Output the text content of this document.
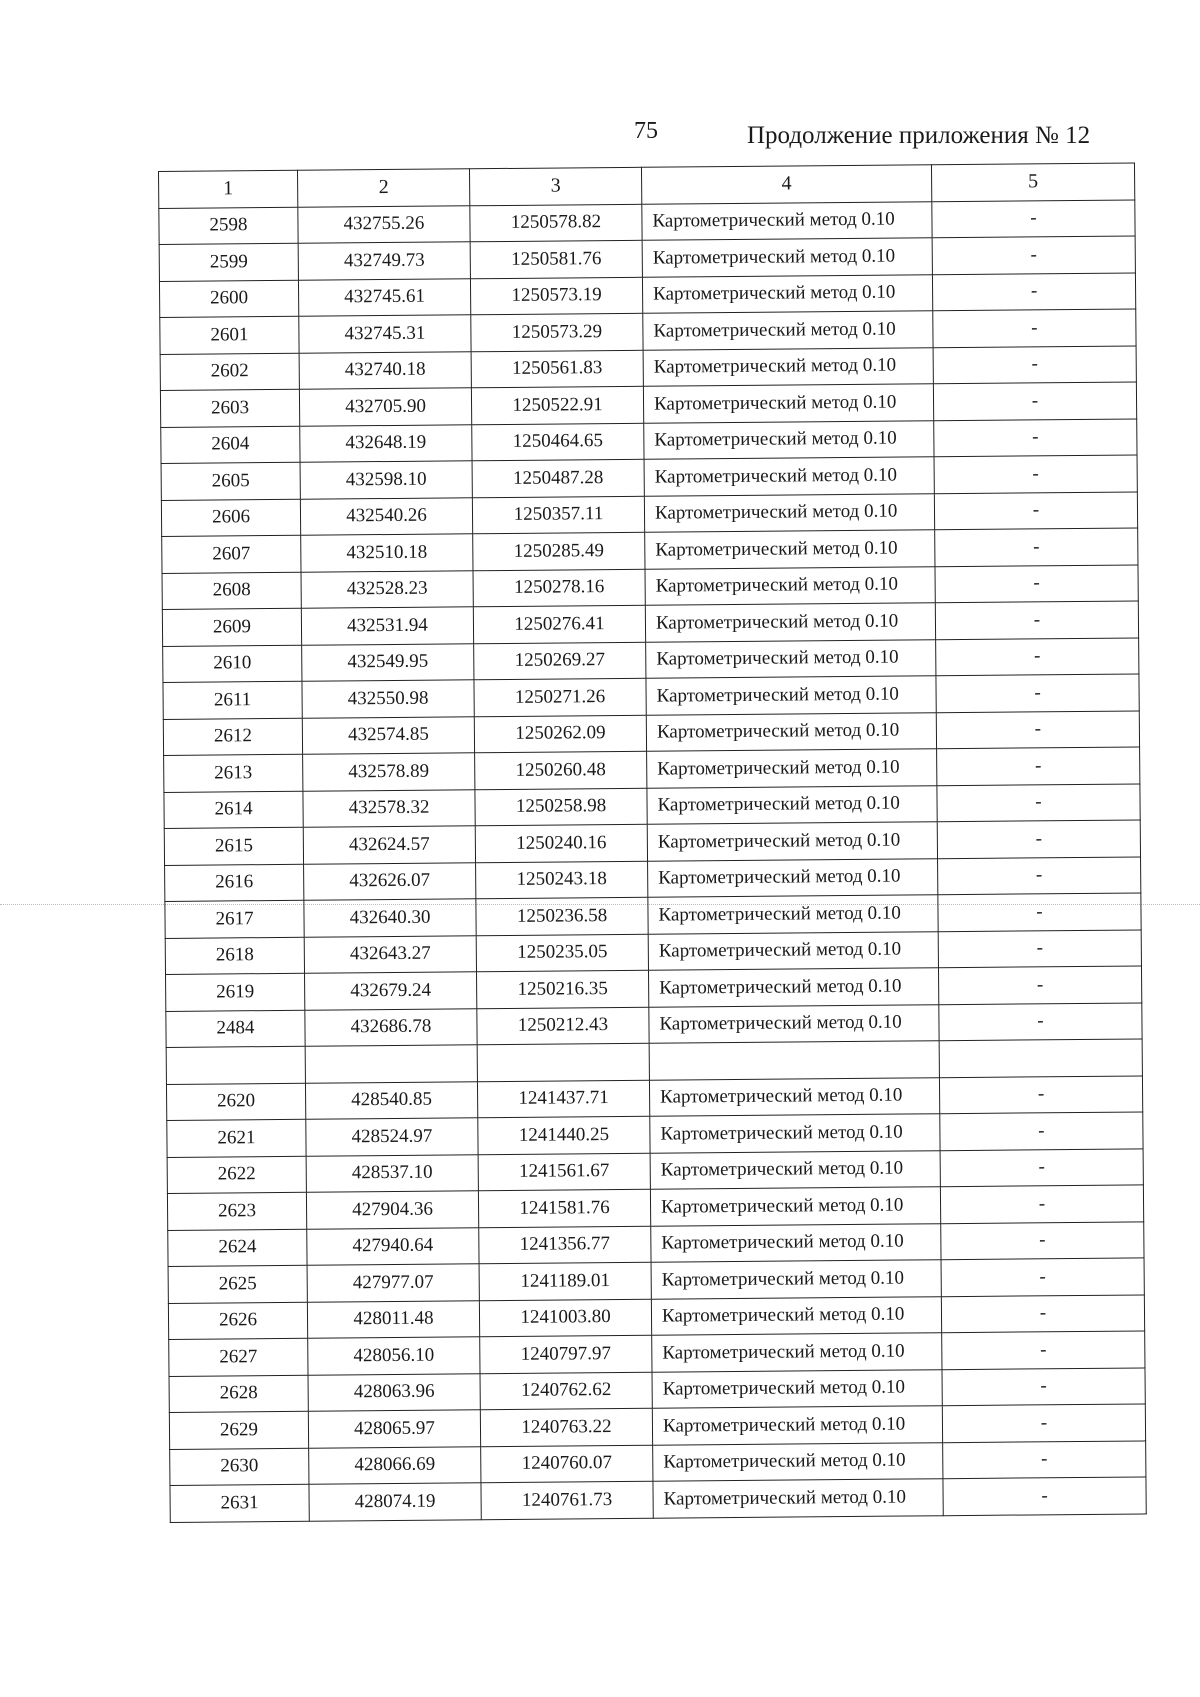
75	Продолжение приложения № 12
1	2	3	4	5
2598	432755.26	1250578.82	Картометрический метод 0.10	-
2599	432749.73	1250581.76	Картометрический метод 0.10	-
2600	432745.61	1250573.19	Картометрический метод 0.10	-
2601	432745.31	1250573.29	Картометрический метод 0.10	-
2602	432740.18	1250561.83	Картометрический метод 0.10	-
2603	432705.90	1250522.91	Картометрический метод 0.10	-
2604	432648.19	1250464.65	Картометрический метод 0.10	-
2605	432598.10	1250487.28	Картометрический метод 0.10	-
2606	432540.26	1250357.11	Картометрический метод 0.10	-
2607	432510.18	1250285.49	Картометрический метод 0.10	-
2608	432528.23	1250278.16	Картометрический метод 0.10	-
2609	432531.94	1250276.41	Картометрический метод 0.10	-
2610	432549.95	1250269.27	Картометрический метод 0.10	-
2611	432550.98	1250271.26	Картометрический метод 0.10	-
2612	432574.85	1250262.09	Картометрический метод 0.10	-
2613	432578.89	1250260.48	Картометрический метод 0.10	-
2614	432578.32	1250258.98	Картометрический метод 0.10	-
2615	432624.57	1250240.16	Картометрический метод 0.10	-
2616	432626.07	1250243.18	Картометрический метод 0.10	-
2617	432640.30	1250236.58	Картометрический метод 0.10	-
2618	432643.27	1250235.05	Картометрический метод 0.10	-
2619	432679.24	1250216.35	Картометрический метод 0.10	-
2484	432686.78	1250212.43	Картометрический метод 0.10	-

2620	428540.85	1241437.71	Картометрический метод 0.10	-
2621	428524.97	1241440.25	Картометрический метод 0.10	-
2622	428537.10	1241561.67	Картометрический метод 0.10	-
2623	427904.36	1241581.76	Картометрический метод 0.10	-
2624	427940.64	1241356.77	Картометрический метод 0.10	-
2625	427977.07	1241189.01	Картометрический метод 0.10	-
2626	428011.48	1241003.80	Картометрический метод 0.10	-
2627	428056.10	1240797.97	Картометрический метод 0.10	-
2628	428063.96	1240762.62	Картометрический метод 0.10	-
2629	428065.97	1240763.22	Картометрический метод 0.10	-
2630	428066.69	1240760.07	Картометрический метод 0.10	-
2631	428074.19	1240761.73	Картометрический метод 0.10	-
